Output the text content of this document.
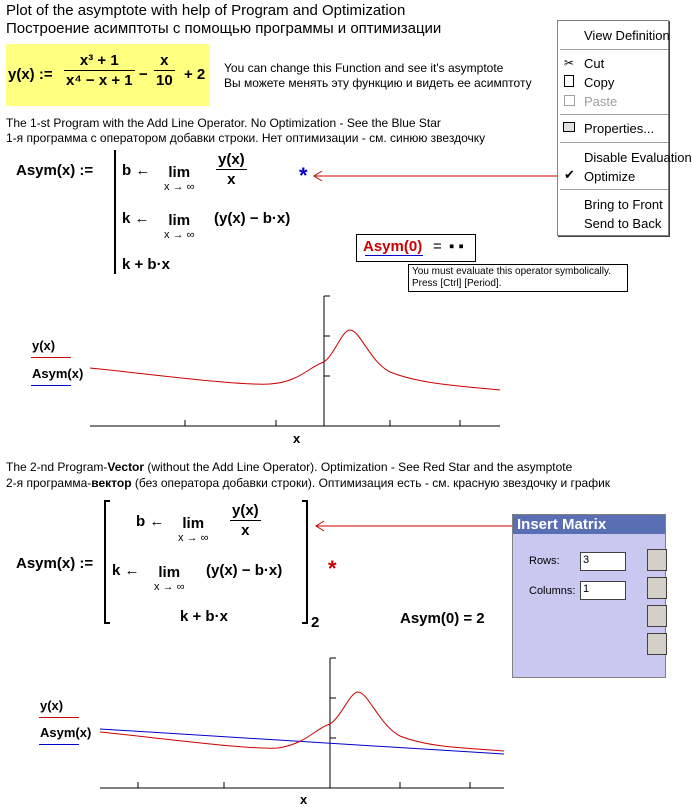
Plot of the asymptote with help of Program and Optimization
Построение асимптоты с помощью программы и оптимизации
y(x) :=
x³ + 1
x⁴ − x + 1 −
x
10 + 2 You can change this Function and see it's asymptote
Вы можете менять эту функцию и видеть ее асимптоту
The 1-st Program with the Add Line Operator. No Optimization - See the Blue Star
1-я программа с оператором добавки строки. Нет оптимизации - см. синюю звездочку
Asym(x) := b ← lim
x → ∞
y(x)
x
k ← lim
x → ∞
(y(x) − b·x)
k + b·x
*
Asym(0) = ▪ ▪
You must evaluate this operator symbolically.
Press [Ctrl] [Period].
y(x)
Asym(x)
x
View Definition
✂ Cut
Copy
Paste
Properties...
Disable Evaluation
✔ Optimize
Bring to Front
Send to Back
The 2-nd Program-Vector (without the Add Line Operator). Optimization - See Red Star and the asymptote
2-я программа-вектор (без оператора добавки строки). Оптимизация есть - см. красную звездочку и график
Asym(x) :=
2
b ← lim
x → ∞
y(x)
x
k ← lim
x → ∞
(y(x) − b·x)
k + b·x
*
Asym(0) = 2
Insert Matrix
Rows: 3
Columns: 1
y(x)
Asym(x)
x
